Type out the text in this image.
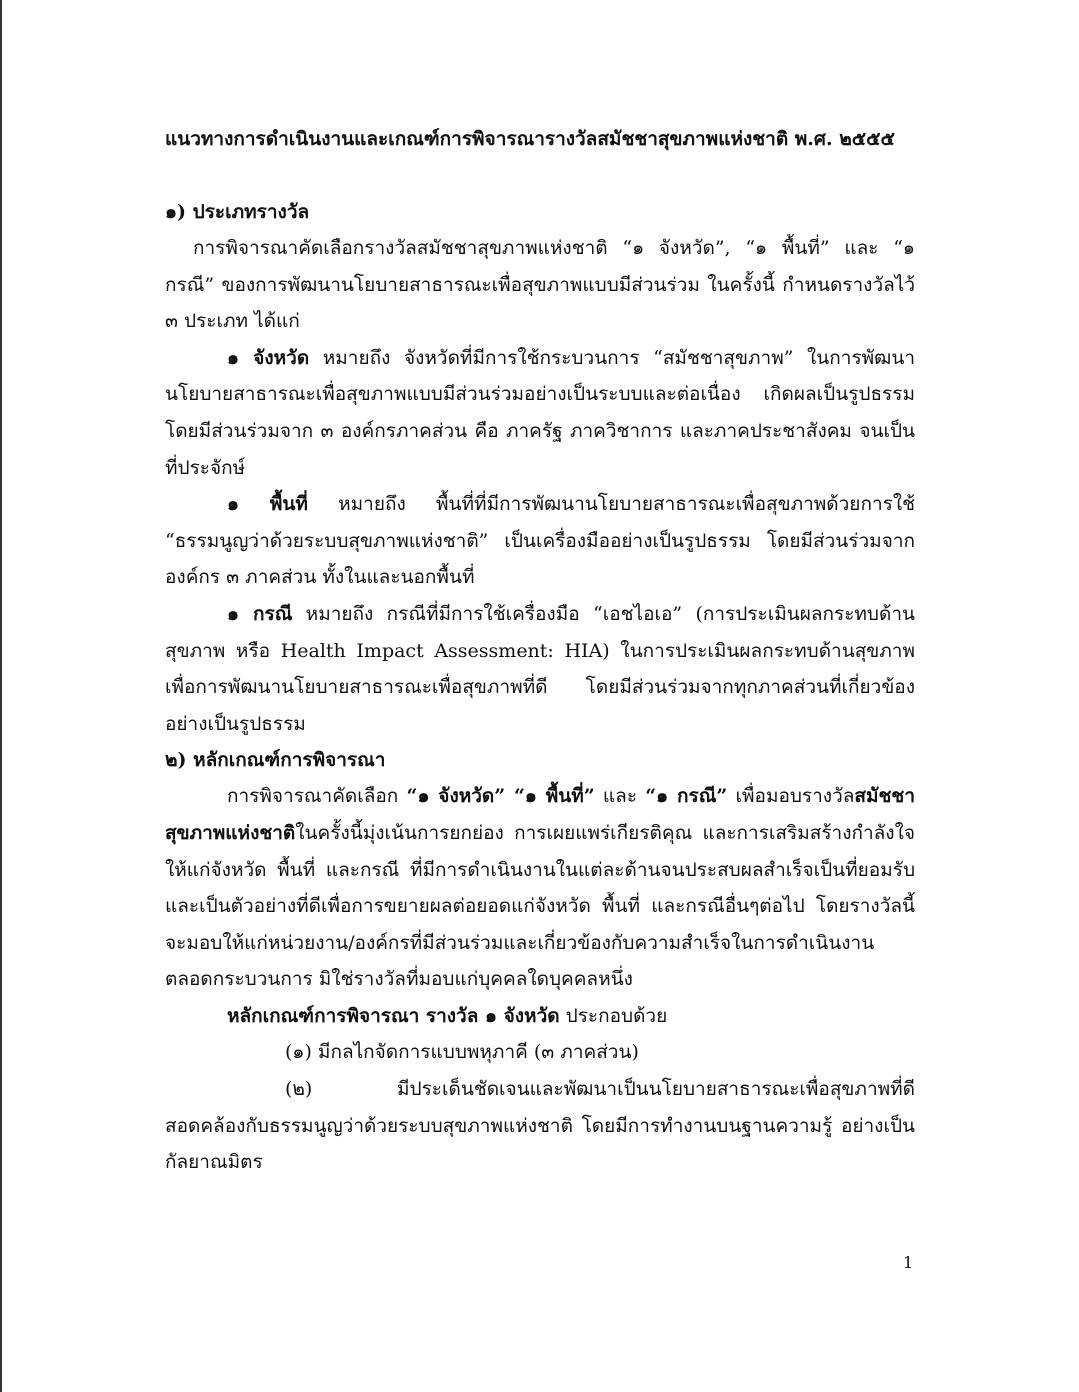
แนวทางการดำเนินงานและเกณฑ์การพิจารณารางวัลสมัชชาสุขภาพแห่งชาติ พ.ศ. ๒๕๕๕

๑) ประเภทรางวัล

การพิจารณาคัดเลือกรางวัลสมัชชาสุขภาพแห่งชาติ “๑ จังหวัด”, “๑ พื้นที่” และ “๑ กรณี” ของการพัฒนานโยบายสาธารณะเพื่อสุขภาพแบบมีส่วนร่วม ในครั้งนี้ กำหนดรางวัลไว้ ๓ ประเภท ได้แก่

๑ จังหวัด หมายถึง จังหวัดที่มีการใช้กระบวนการ “สมัชชาสุขภาพ” ในการพัฒนานโยบายสาธารณะเพื่อสุขภาพแบบมีส่วนร่วมอย่างเป็นระบบและต่อเนื่อง เกิดผลเป็นรูปธรรม โดยมีส่วนร่วมจาก ๓ องค์กรภาคส่วน คือ ภาครัฐ ภาควิชาการ และภาคประชาสังคม จนเป็นที่ประจักษ์

๑ พื้นที่ หมายถึง พื้นที่ที่มีการพัฒนานโยบายสาธารณะเพื่อสุขภาพด้วยการใช้ “ธรรมนูญว่าด้วยระบบสุขภาพแห่งชาติ” เป็นเครื่องมืออย่างเป็นรูปธรรม โดยมีส่วนร่วมจากองค์กร ๓ ภาคส่วน ทั้งในและนอกพื้นที่

๑ กรณี หมายถึง กรณีที่มีการใช้เครื่องมือ “เอชไอเอ” (การประเมินผลกระทบด้านสุขภาพ หรือ Health Impact Assessment: HIA) ในการประเมินผลกระทบด้านสุขภาพเพื่อการพัฒนานโยบายสาธารณะเพื่อสุขภาพที่ดี โดยมีส่วนร่วมจากทุกภาคส่วนที่เกี่ยวข้องอย่างเป็นรูปธรรม

๒) หลักเกณฑ์การพิจารณา

การพิจารณาคัดเลือก “๑ จังหวัด” “๑ พื้นที่” และ “๑ กรณี” เพื่อมอบรางวัลสมัชชาสุขภาพแห่งชาติในครั้งนี้มุ่งเน้นการยกย่อง การเผยแพร่เกียรติคุณ และการเสริมสร้างกำลังใจให้แก่จังหวัด พื้นที่ และกรณี ที่มีการดำเนินงานในแต่ละด้านจนประสบผลสำเร็จเป็นที่ยอมรับ และเป็นตัวอย่างที่ดีเพื่อการขยายผลต่อยอดแก่จังหวัด พื้นที่ และกรณีอื่นๆต่อไป โดยรางวัลนี้จะมอบให้แก่หน่วยงาน/องค์กรที่มีส่วนร่วมและเกี่ยวข้องกับความสำเร็จในการดำเนินงานตลอดกระบวนการ มิใช่รางวัลที่มอบแก่บุคคลใดบุคคลหนึ่ง

หลักเกณฑ์การพิจารณา รางวัล ๑ จังหวัด ประกอบด้วย

(๑) มีกลไกจัดการแบบพหุภาคี (๓ ภาคส่วน)

(๒) มีประเด็นชัดเจนและพัฒนาเป็นนโยบายสาธารณะเพื่อสุขภาพที่ดีสอดคล้องกับธรรมนูญว่าด้วยระบบสุขภาพแห่งชาติ โดยมีการทำงานบนฐานความรู้ อย่างเป็นกัลยาณมิตร

1
